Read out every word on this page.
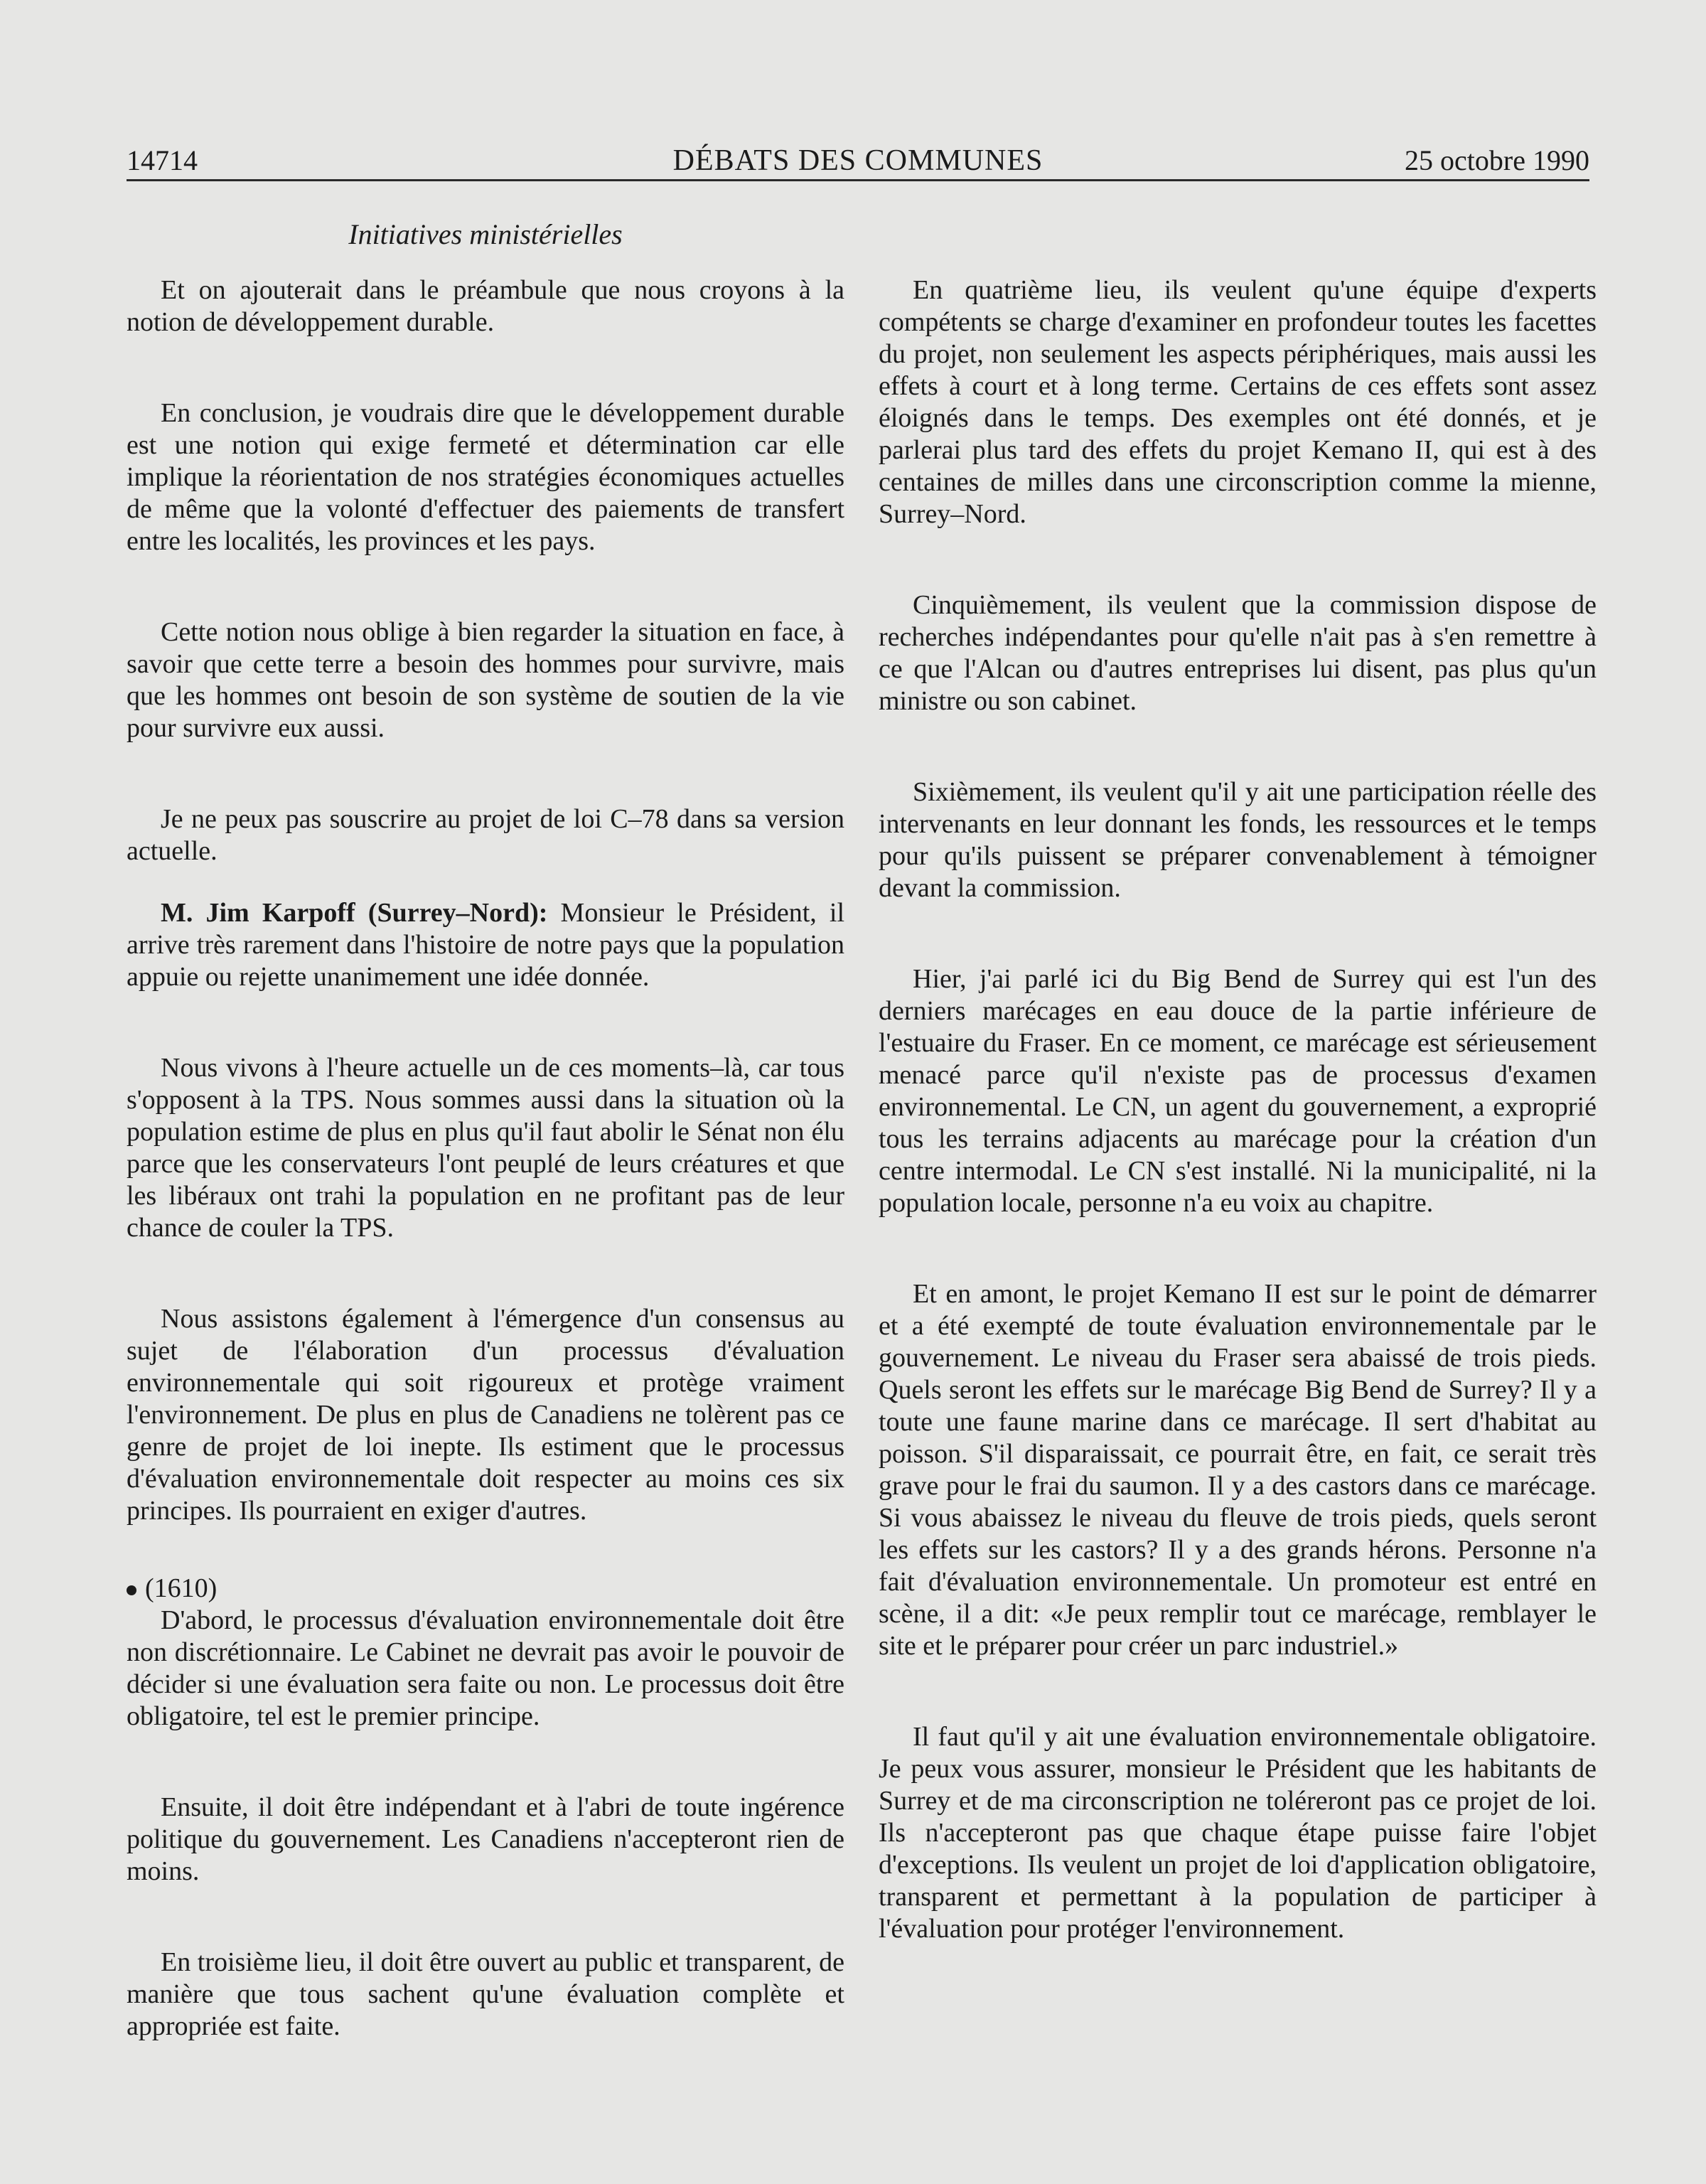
14714	DÉBATS DES COMMUNES	25 octobre 1990
Initiatives ministérielles

Et on ajouterait dans le préambule que nous croyons à la notion de développement durable.

En conclusion, je voudrais dire que le développement durable est une notion qui exige fermeté et détermination car elle implique la réorientation de nos stratégies économiques actuelles de même que la volonté d'effectuer des paiements de transfert entre les localités, les provinces et les pays.

Cette notion nous oblige à bien regarder la situation en face, à savoir que cette terre a besoin des hommes pour survivre, mais que les hommes ont besoin de son système de soutien de la vie pour survivre eux aussi.

Je ne peux pas souscrire au projet de loi C–78 dans sa version actuelle.

M. Jim Karpoff (Surrey–Nord): Monsieur le Président, il arrive très rarement dans l'histoire de notre pays que la population appuie ou rejette unanimement une idée donnée.

Nous vivons à l'heure actuelle un de ces moments–là, car tous s'opposent à la TPS. Nous sommes aussi dans la situation où la population estime de plus en plus qu'il faut abolir le Sénat non élu parce que les conservateurs l'ont peuplé de leurs créatures et que les libéraux ont trahi la population en ne profitant pas de leur chance de couler la TPS.

Nous assistons également à l'émergence d'un consensus au sujet de l'élaboration d'un processus d'évaluation environnementale qui soit rigoureux et protège vraiment l'environnement. De plus en plus de Canadiens ne tolèrent pas ce genre de projet de loi inepte. Ils estiment que le processus d'évaluation environnementale doit respecter au moins ces six principes. Ils pourraient en exiger d'autres.

(1610)

D'abord, le processus d'évaluation environnementale doit être non discrétionnaire. Le Cabinet ne devrait pas avoir le pouvoir de décider si une évaluation sera faite ou non. Le processus doit être obligatoire, tel est le premier principe.

Ensuite, il doit être indépendant et à l'abri de toute ingérence politique du gouvernement. Les Canadiens n'accepteront rien de moins.

En troisième lieu, il doit être ouvert au public et transparent, de manière que tous sachent qu'une évaluation complète et appropriée est faite.

En quatrième lieu, ils veulent qu'une équipe d'experts compétents se charge d'examiner en profondeur toutes les facettes du projet, non seulement les aspects périphériques, mais aussi les effets à court et à long terme. Certains de ces effets sont assez éloignés dans le temps. Des exemples ont été donnés, et je parlerai plus tard des effets du projet Kemano II, qui est à des centaines de milles dans une circonscription comme la mienne, Surrey–Nord.

Cinquièmement, ils veulent que la commission dispose de recherches indépendantes pour qu'elle n'ait pas à s'en remettre à ce que l'Alcan ou d'autres entreprises lui disent, pas plus qu'un ministre ou son cabinet.

Sixièmement, ils veulent qu'il y ait une participation réelle des intervenants en leur donnant les fonds, les ressources et le temps pour qu'ils puissent se préparer convenablement à témoigner devant la commission.

Hier, j'ai parlé ici du Big Bend de Surrey qui est l'un des derniers marécages en eau douce de la partie inférieure de l'estuaire du Fraser. En ce moment, ce marécage est sérieusement menacé parce qu'il n'existe pas de processus d'examen environnemental. Le CN, un agent du gouvernement, a exproprié tous les terrains adjacents au marécage pour la création d'un centre intermodal. Le CN s'est installé. Ni la municipalité, ni la population locale, personne n'a eu voix au chapitre.

Et en amont, le projet Kemano II est sur le point de démarrer et a été exempté de toute évaluation environnementale par le gouvernement. Le niveau du Fraser sera abaissé de trois pieds. Quels seront les effets sur le marécage Big Bend de Surrey? Il y a toute une faune marine dans ce marécage. Il sert d'habitat au poisson. S'il disparaissait, ce pourrait être, en fait, ce serait très grave pour le frai du saumon. Il y a des castors dans ce marécage. Si vous abaissez le niveau du fleuve de trois pieds, quels seront les effets sur les castors? Il y a des grands hérons. Personne n'a fait d'évaluation environnementale. Un promoteur est entré en scène, il a dit: «Je peux remplir tout ce marécage, remblayer le site et le préparer pour créer un parc industriel.»

Il faut qu'il y ait une évaluation environnementale obligatoire. Je peux vous assurer, monsieur le Président que les habitants de Surrey et de ma circonscription ne toléreront pas ce projet de loi. Ils n'accepteront pas que chaque étape puisse faire l'objet d'exceptions. Ils veulent un projet de loi d'application obligatoire, transparent et permettant à la population de participer à l'évaluation pour protéger l'environnement.
